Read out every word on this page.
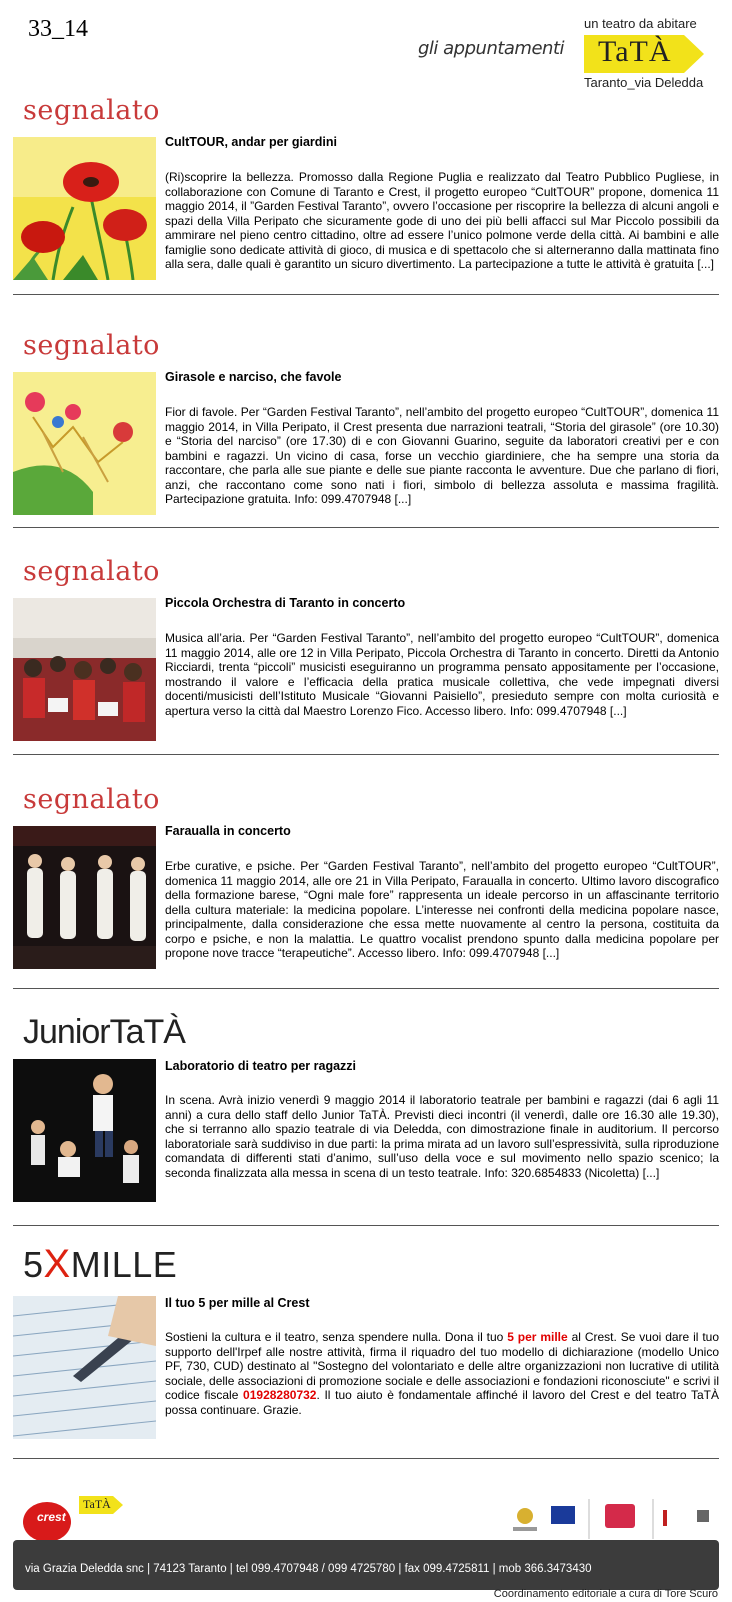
33_14
gli appuntamenti
un teatro da abitare
TaTÀ
Taranto_via Deledda
segnalato
CultTOUR, andar per giardini
(Ri)scoprire la bellezza. Promosso dalla Regione Puglia e realizzato dal Teatro Pubblico Pugliese, in collaborazione con Comune di Taranto e Crest, il progetto europeo “CultTOUR” propone, domenica 11 maggio 2014, il ”Garden Festival Taranto”, ovvero l’occasione per riscoprire la bellezza di alcuni angoli e spazi della Villa Peripato che sicuramente gode di uno dei più belli affacci sul Mar Piccolo possibili da ammirare nel pieno centro cittadino, oltre ad essere l’unico polmone verde della città. Ai bambini e alle famiglie sono dedicate attività di gioco, di musica e di spettacolo che si alterneranno dalla mattinata fino alla sera, dalle quali è garantito un sicuro divertimento. La partecipazione a tutte le attività è gratuita [...]
segnalato
Girasole e narciso, che favole
Fior di favole. Per “Garden Festival Taranto”, nell’ambito del progetto europeo “CultTOUR”, domenica 11 maggio 2014, in Villa Peripato, il Crest presenta due narrazioni teatrali, “Storia del girasole” (ore 10.30) e “Storia del narciso” (ore 17.30) di e con Giovanni Guarino, seguite da laboratori creativi per e con bambini e ragazzi. Un vicino di casa, forse un vecchio giardiniere, che ha sempre una storia da raccontare, che parla alle sue piante e delle sue piante racconta le avventure. Due che parlano di fiori, anzi, che raccontano come sono nati i fiori, simbolo di bellezza assoluta e massima fragilità. Partecipazione gratuita. Info: 099.4707948 [...]
segnalato
Piccola Orchestra di Taranto in concerto
Musica all’aria. Per “Garden Festival Taranto”, nell’ambito del progetto europeo “CultTOUR”, domenica 11 maggio 2014, alle ore 12 in Villa Peripato, Piccola Orchestra di Taranto in concerto. Diretti da Antonio Ricciardi, trenta “piccoli” musicisti eseguiranno un programma pensato appositamente per l’occasione, mostrando il valore e l’efficacia della pratica musicale collettiva, che vede impegnati diversi docenti/musicisti dell’Istituto Musicale “Giovanni Paisiello”, presieduto sempre con molta curiosità e apertura verso la città dal Maestro Lorenzo Fico. Accesso libero. Info: 099.4707948 [...]
segnalato
Faraualla in concerto
Erbe curative, e psiche. Per “Garden Festival Taranto”, nell’ambito del progetto europeo “CultTOUR”, domenica 11 maggio 2014, alle ore 21 in Villa Peripato, Faraualla in concerto. Ultimo lavoro discografico della formazione barese, “Ogni male fore” rappresenta un ideale percorso in un affascinante territorio della cultura materiale: la medicina popolare. L’interesse nei confronti della medicina popolare nasce, principalmente, dalla considerazione che essa mette nuovamente al centro la persona, costituita da corpo e psiche, e non la malattia. Le quattro vocalist prendono spunto dalla medicina popolare per propone nove tracce “terapeutiche”. Accesso libero. Info: 099.4707948 [...]
JuniorTaTÀ
Laboratorio di teatro per ragazzi
In scena. Avrà inizio venerdì 9 maggio 2014 il laboratorio teatrale per bambini e ragazzi (dai 6 agli 11 anni) a cura dello staff dello Junior TaTÀ. Previsti dieci incontri (il venerdì, dalle ore 16.30 alle 19.30), che si terranno allo spazio teatrale di via Deledda, con dimostrazione finale in auditorium. Il percorso laboratoriale sarà suddiviso in due parti: la prima mirata ad un lavoro sull’espressività, sulla riproduzione comandata di differenti stati d’animo, sull’uso della voce e sul movimento nello spazio scenico; la seconda finalizzata alla messa in scena di un testo teatrale. Info: 320.6854833 (Nicoletta) [...]
5XMILLE
Il tuo 5 per mille al Crest
Sostieni la cultura e il teatro, senza spendere nulla. Dona il tuo 5 per mille al Crest. Se vuoi dare il tuo supporto dell'Irpef alle nostre attività, firma il riquadro del tuo modello di dichiarazione (modello Unico PF, 730, CUD) destinato al "Sostegno del volontariato e delle altre organizzazioni non lucrative di utilità sociale, delle associazioni di promozione sociale e delle associazioni e fondazioni riconosciute" e scrivi il codice fiscale 01928280732. Il tuo aiuto è fondamentale affinché il lavoro del Crest e del teatro TaTÀ possa continuare. Grazie.
crest
TaTÀ
via Grazia Deledda snc | 74123 Taranto | tel 099.4707948 / 099 4725780 | fax 099.4725811 | mob 366.3473430
Coordinamento editoriale a cura di Tore Scuro
